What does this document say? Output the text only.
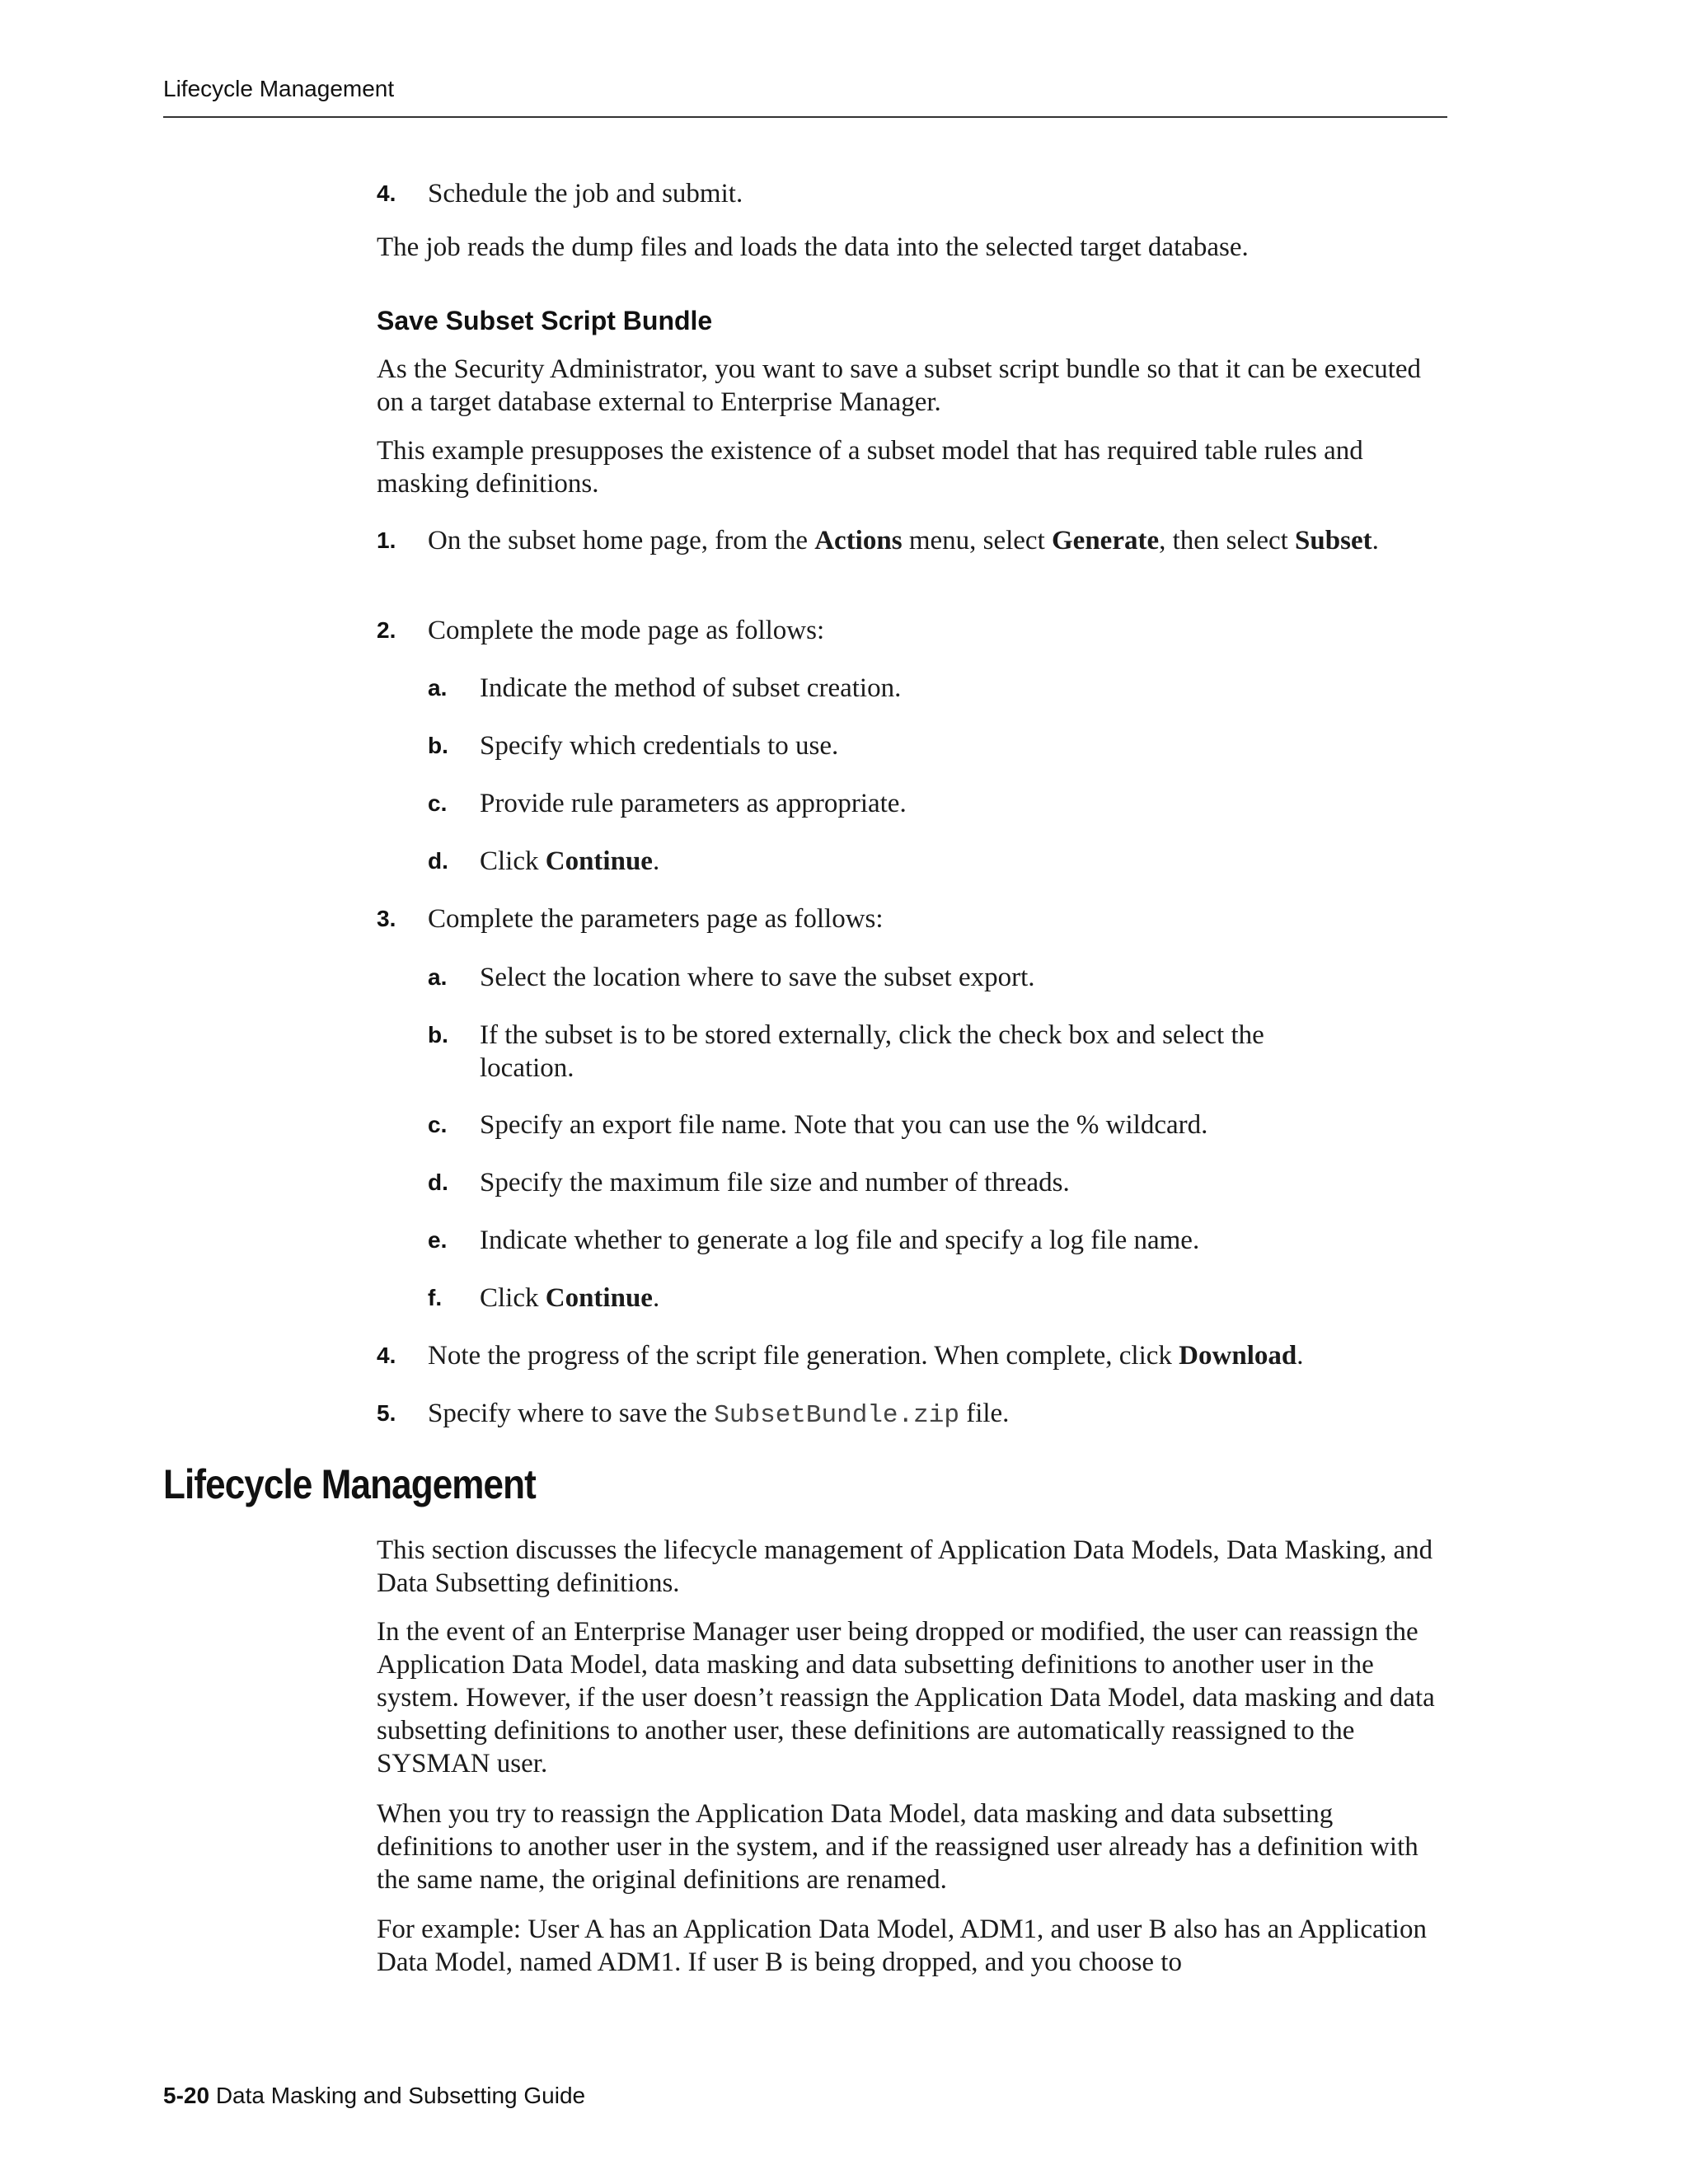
Lifecycle Management
4. Schedule the job and submit.
The job reads the dump files and loads the data into the selected target database.
Save Subset Script Bundle
As the Security Administrator, you want to save a subset script bundle so that it can be executed on a target database external to Enterprise Manager.
This example presupposes the existence of a subset model that has required table rules and masking definitions.
1. On the subset home page, from the Actions menu, select Generate, then select Subset.
2. Complete the mode page as follows:
a. Indicate the method of subset creation.
b. Specify which credentials to use.
c. Provide rule parameters as appropriate.
d. Click Continue.
3. Complete the parameters page as follows:
a. Select the location where to save the subset export.
b. If the subset is to be stored externally, click the check box and select the location.
c. Specify an export file name. Note that you can use the % wildcard.
d. Specify the maximum file size and number of threads.
e. Indicate whether to generate a log file and specify a log file name.
f. Click Continue.
4. Note the progress of the script file generation. When complete, click Download.
5. Specify where to save the SubsetBundle.zip file.
Lifecycle Management
This section discusses the lifecycle management of Application Data Models, Data Masking, and Data Subsetting definitions.
In the event of an Enterprise Manager user being dropped or modified, the user can reassign the Application Data Model, data masking and data subsetting definitions to another user in the system. However, if the user doesn’t reassign the Application Data Model, data masking and data subsetting definitions to another user, these definitions are automatically reassigned to the SYSMAN user.
When you try to reassign the Application Data Model, data masking and data subsetting definitions to another user in the system, and if the reassigned user already has a definition with the same name, the original definitions are renamed.
For example: User A has an Application Data Model, ADM1, and user B also has an Application Data Model, named ADM1. If user B is being dropped, and you choose to
5-20 Data Masking and Subsetting Guide
